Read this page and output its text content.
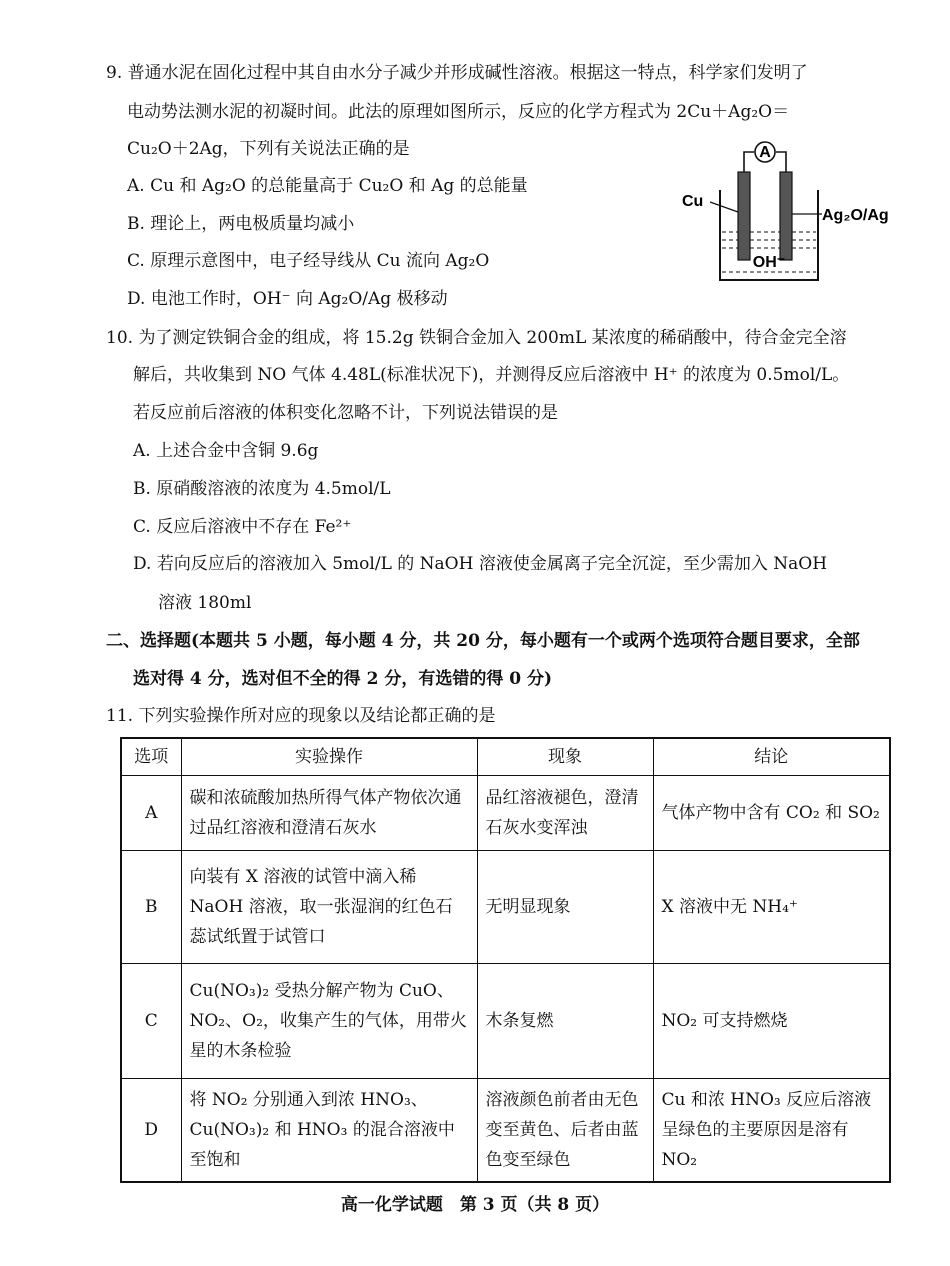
9. 普通水泥在固化过程中其自由水分子减少并形成碱性溶液。根据这一特点，科学家们发明了
电动势法测水泥的初凝时间。此法的原理如图所示，反应的化学方程式为 2Cu＋Ag₂O＝
Cu₂O＋2Ag，下列有关说法正确的是
A. Cu 和 Ag₂O 的总能量高于 Cu₂O 和 Ag 的总能量
B. 理论上，两电极质量均减小
C. 原理示意图中，电子经导线从 Cu 流向 Ag₂O
D. 电池工作时，OH⁻ 向 Ag₂O/Ag 极移动
A
Cu
Ag₂O/Ag
OH⁻
10. 为了测定铁铜合金的组成，将 15.2g 铁铜合金加入 200mL 某浓度的稀硝酸中，待合金完全溶
解后，共收集到 NO 气体 4.48L(标准状况下)，并测得反应后溶液中 H⁺ 的浓度为 0.5mol/L。
若反应前后溶液的体积变化忽略不计，下列说法错误的是
A. 上述合金中含铜 9.6g
B. 原硝酸溶液的浓度为 4.5mol/L
C. 反应后溶液中不存在 Fe²⁺
D. 若向反应后的溶液加入 5mol/L 的 NaOH 溶液使金属离子完全沉淀，至少需加入 NaOH
溶液 180ml
二、选择题(本题共 5 小题，每小题 4 分，共 20 分，每小题有一个或两个选项符合题目要求，全部
选对得 4 分，选对但不全的得 2 分，有选错的得 0 分)
11. 下列实验操作所对应的现象以及结论都正确的是
选项	实验操作	现象	结论
A	碳和浓硫酸加热所得气体产物依次通过品红溶液和澄清石灰水	品红溶液褪色，澄清石灰水变浑浊	气体产物中含有 CO₂ 和 SO₂
B	向装有 X 溶液的试管中滴入稀 NaOH 溶液，取一张湿润的红色石蕊试纸置于试管口	无明显现象	X 溶液中无 NH₄⁺
C	Cu(NO₃)₂ 受热分解产物为 CuO、NO₂、O₂，收集产生的气体，用带火星的木条检验	木条复燃	NO₂ 可支持燃烧
D	将 NO₂ 分别通入到浓 HNO₃、Cu(NO₃)₂ 和 HNO₃ 的混合溶液中至饱和	溶液颜色前者由无色变至黄色、后者由蓝色变至绿色	Cu 和浓 HNO₃ 反应后溶液呈绿色的主要原因是溶有 NO₂
高一化学试题　第 3 页（共 8 页）
